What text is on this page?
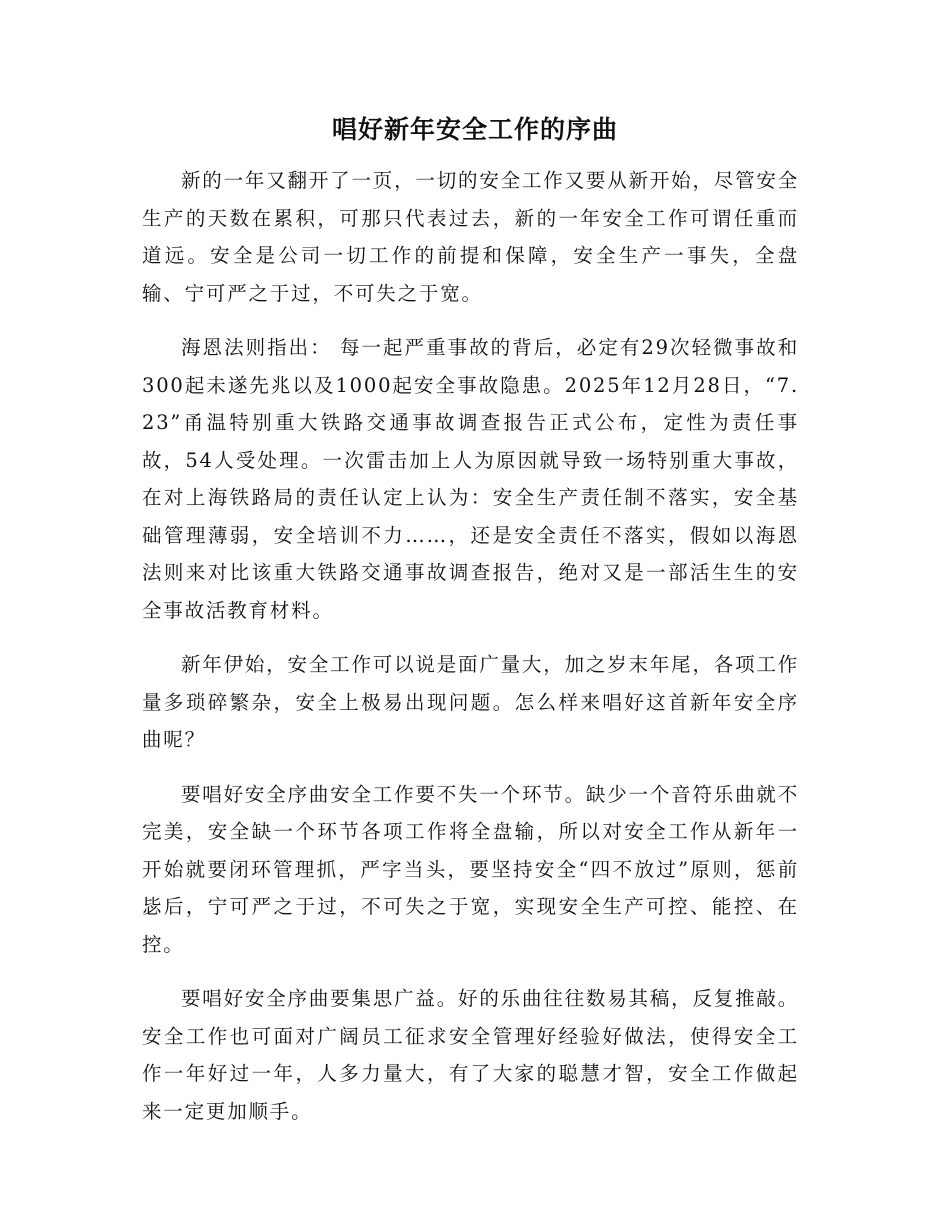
唱好新年安全工作的序曲

新的一年又翻开了一页，一切的安全工作又要从新开始，尽管安全生产的天数在累积，可那只代表过去，新的一年安全工作可谓任重而道远。安全是公司一切工作的前提和保障，安全生产一事失，全盘输、宁可严之于过，不可失之于宽。

海恩法则指出： 每一起严重事故的背后，必定有29次轻微事故和300起未遂先兆以及1000起安全事故隐患。2025年12月28日，“7.23”甬温特别重大铁路交通事故调查报告正式公布，定性为责任事故，54人受处理。一次雷击加上人为原因就导致一场特别重大事故，在对上海铁路局的责任认定上认为：安全生产责任制不落实，安全基础管理薄弱，安全培训不力……，还是安全责任不落实，假如以海恩法则来对比该重大铁路交通事故调查报告，绝对又是一部活生生的安全事故活教育材料。

新年伊始，安全工作可以说是面广量大，加之岁末年尾，各项工作量多琐碎繁杂，安全上极易出现问题。怎么样来唱好这首新年安全序曲呢？

要唱好安全序曲安全工作要不失一个环节。缺少一个音符乐曲就不完美，安全缺一个环节各项工作将全盘输，所以对安全工作从新年一开始就要闭环管理抓，严字当头，要坚持安全“四不放过”原则，惩前毖后，宁可严之于过，不可失之于宽，实现安全生产可控、能控、在控。

要唱好安全序曲要集思广益。好的乐曲往往数易其稿，反复推敲。安全工作也可面对广阔员工征求安全管理好经验好做法，使得安全工作一年好过一年，人多力量大，有了大家的聪慧才智，安全工作做起来一定更加顺手。
